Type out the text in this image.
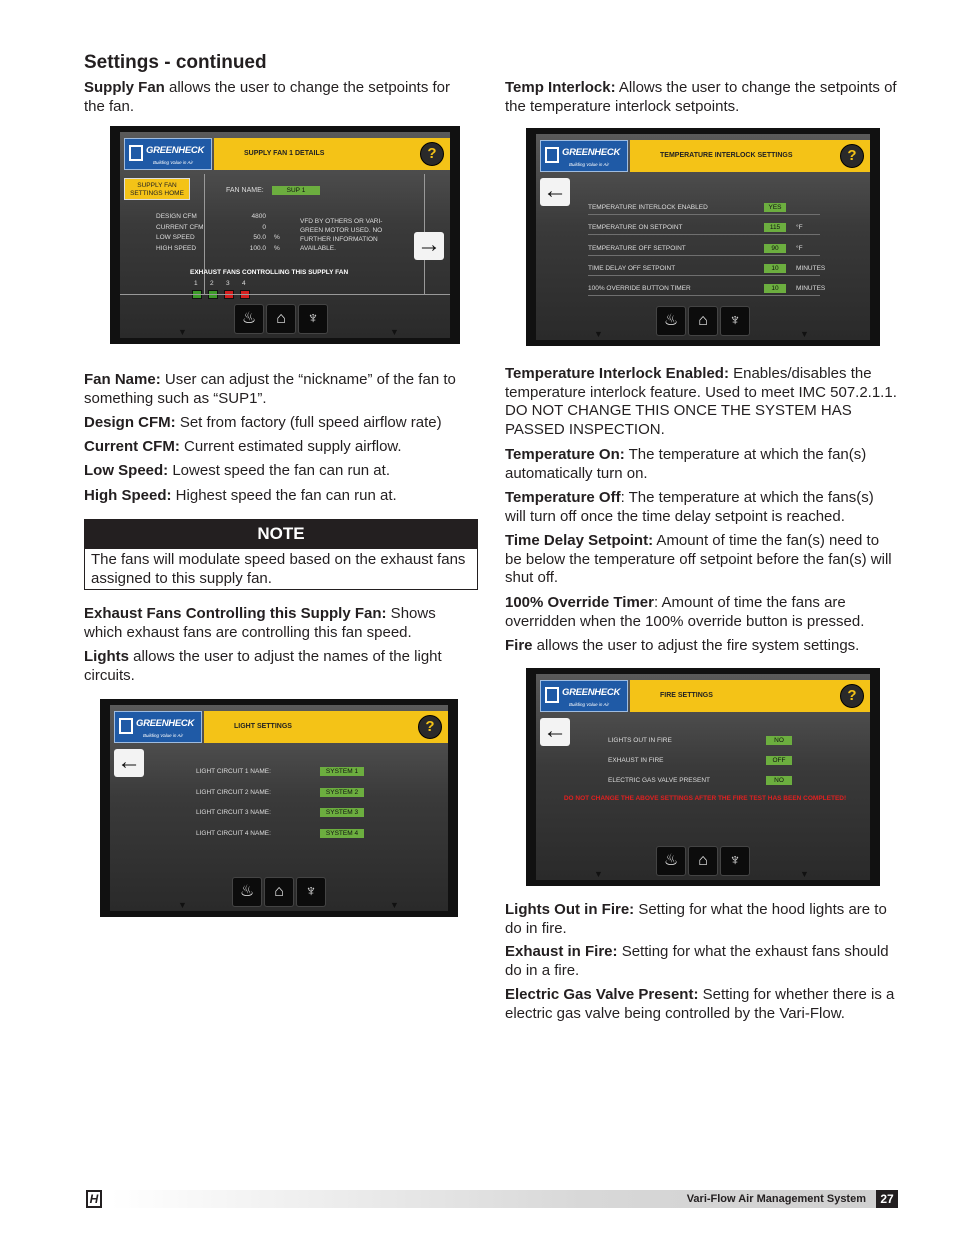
Settings - continued
Supply Fan allows the user to change the setpoints for the fan.
GREENHECK
Building Value in Air
SUPPLY FAN 1 DETAILS	?
SUPPLY FAN SETTINGS HOME	FAN NAME:	SUP 1
DESIGN CFM	4800
CURRENT CFM	0
LOW SPEED	50.0 %
HIGH SPEED	100.0 %
VFD BY OTHERS OR VARI-GREEN MOTOR USED. NO FURTHER INFORMATION AVAILABLE.	→
EXHAUST FANS CONTROLLING THIS SUPPLY FAN
1 2 3 4
♨	⌂	♆
▼	▼
Fan Name: User can adjust the “nickname” of the fan to something such as “SUP1”.
Design CFM: Set from factory (full speed airflow rate)
Current CFM: Current estimated supply airflow.
Low Speed: Lowest speed the fan can run at.
High Speed: Highest speed the fan can run at.
NOTE
The fans will modulate speed based on the exhaust fans assigned to this supply fan.
Exhaust Fans Controlling this Supply Fan: Shows which exhaust fans are controlling this fan speed.
Lights allows the user to adjust the names of the light circuits.
GREENHECK
Building Value in Air
LIGHT SETTINGS	?
←	LIGHT CIRCUIT 1 NAME:	SYSTEM 1
LIGHT CIRCUIT 2 NAME:	SYSTEM 2
LIGHT CIRCUIT 3 NAME:	SYSTEM 3
LIGHT CIRCUIT 4 NAME:	SYSTEM 4
♨	⌂	♆
▼	▼
Temp Interlock: Allows the user to change the setpoints of the temperature interlock setpoints.
GREENHECK
Building Value in Air
TEMPERATURE INTERLOCK SETTINGS	?
←
TEMPERATURE INTERLOCK ENABLED	YES
TEMPERATURE ON SETPOINT	115	°F
TEMPERATURE OFF SETPOINT	90	°F
TIME DELAY OFF SETPOINT	10	MINUTES
100% OVERRIDE BUTTON TIMER	10	MINUTES
♨	⌂	♆
▼	▼
Temperature Interlock Enabled: Enables/disables the temperature interlock feature. Used to meet IMC 507.2.1.1. DO NOT CHANGE THIS ONCE THE SYSTEM HAS PASSED INSPECTION.
Temperature On: The temperature at which the fan(s) automatically turn on.
Temperature Off: The temperature at which the fans(s) will turn off once the time delay setpoint is reached.
Time Delay Setpoint: Amount of time the fan(s) need to be below the temperature off setpoint before the fan(s) will shut off.
100% Override Timer: Amount of time the fans are overridden when the 100% override button is pressed.
Fire allows the user to adjust the fire system settings.
GREENHECK
Building Value in Air
FIRE SETTINGS	?
←	LIGHTS OUT IN FIRE	NO
EXHAUST IN FIRE	OFF
ELECTRIC GAS VALVE PRESENT	NO
DO NOT CHANGE THE ABOVE SETTINGS AFTER THE FIRE TEST HAS BEEN COMPLETED!
♨	⌂	♆
▼	▼
Lights Out in Fire: Setting for what the hood lights are to do in fire.
Exhaust in Fire: Setting for what the exhaust fans should do in a fire.
Electric Gas Valve Present: Setting for whether there is a electric gas valve being controlled by the Vari-Flow.
H	Vari-Flow Air Management System	27
